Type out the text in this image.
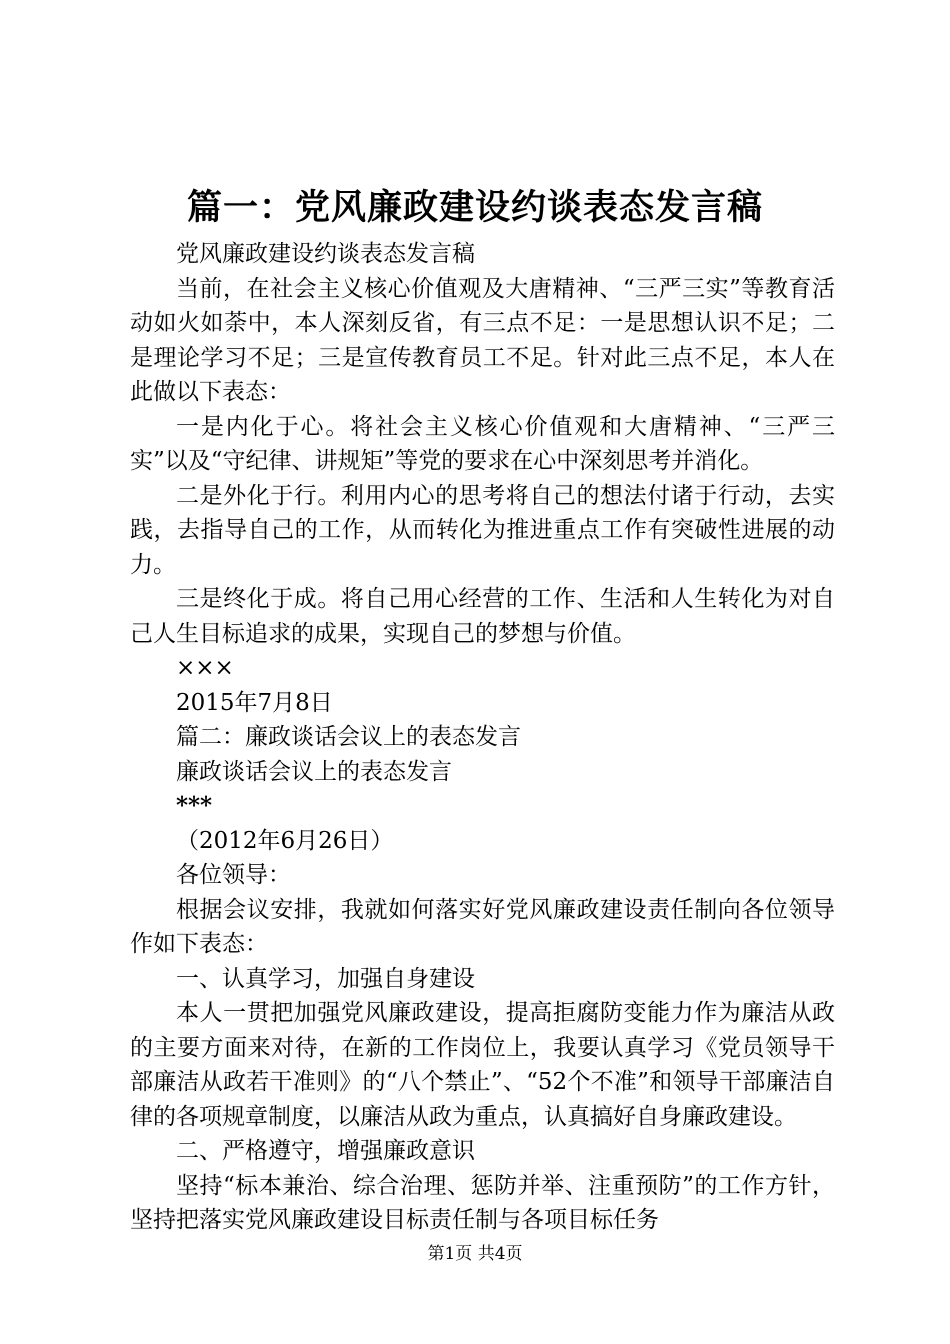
篇一：党风廉政建设约谈表态发言稿

党风廉政建设约谈表态发言稿

当前，在社会主义核心价值观及大唐精神、“三严三实”等教育活动如火如荼中，本人深刻反省，有三点不足：一是思想认识不足；二是理论学习不足；三是宣传教育员工不足。针对此三点不足，本人在此做以下表态：

一是内化于心。将社会主义核心价值观和大唐精神、“三严三实”以及“守纪律、讲规矩”等党的要求在心中深刻思考并消化。

二是外化于行。利用内心的思考将自己的想法付诸于行动，去实践，去指导自己的工作，从而转化为推进重点工作有突破性进展的动力。

三是终化于成。将自己用心经营的工作、生活和人生转化为对自己人生目标追求的成果，实现自己的梦想与价值。

×××

2015年7月8日

篇二：廉政谈话会议上的表态发言

廉政谈话会议上的表态发言

***

（2012年6月26日）

各位领导：

根据会议安排，我就如何落实好党风廉政建设责任制向各位领导作如下表态：

一、认真学习，加强自身建设

本人一贯把加强党风廉政建设，提高拒腐防变能力作为廉洁从政的主要方面来对待，在新的工作岗位上，我要认真学习《党员领导干部廉洁从政若干准则》的“八个禁止”、“52个不准”和领导干部廉洁自律的各项规章制度，以廉洁从政为重点，认真搞好自身廉政建设。

二、严格遵守，增强廉政意识

坚持“标本兼治、综合治理、惩防并举、注重预防”的工作方针，坚持把落实党风廉政建设目标责任制与各项目标任务

第1页 共4页
